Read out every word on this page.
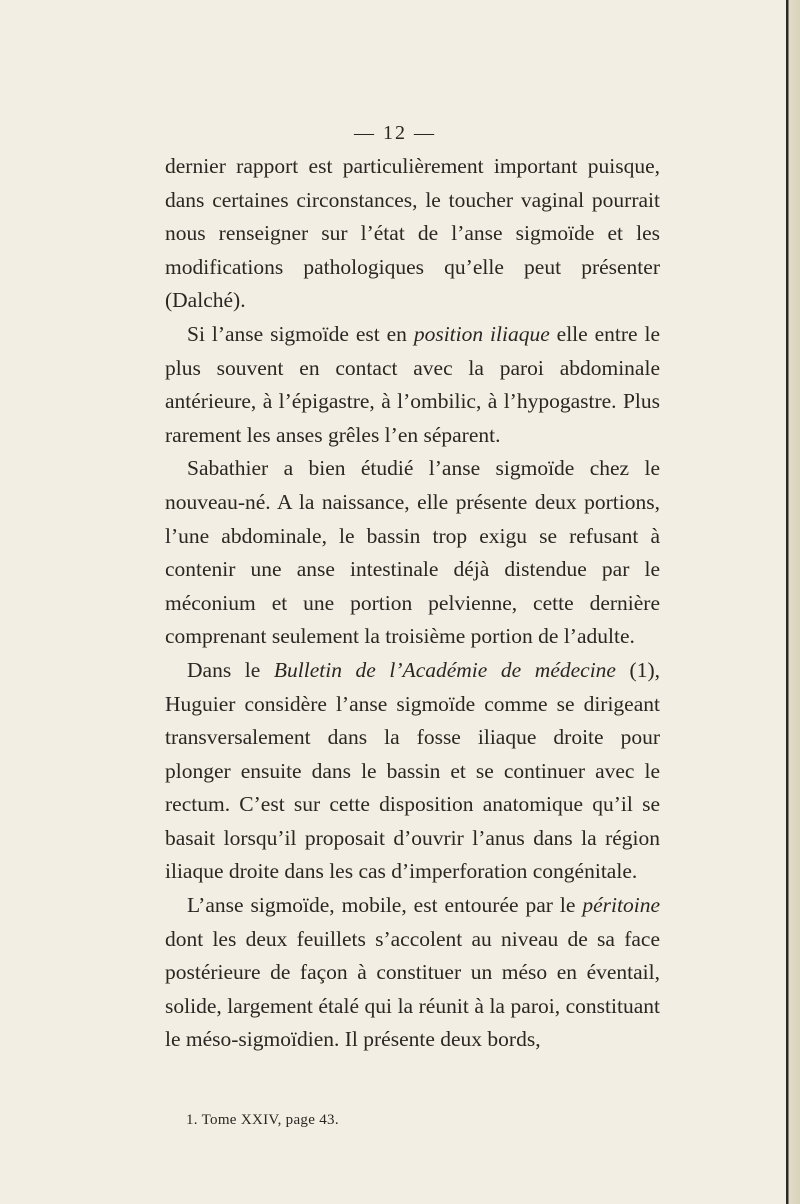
— 12 —

dernier rapport est particulièrement important puisque, dans certaines circonstances, le toucher vaginal pourrait nous renseigner sur l’état de l’anse sigmoïde et les modifications pathologiques qu’elle peut présenter (Dalché).

Si l’anse sigmoïde est en position iliaque elle entre le plus souvent en contact avec la paroi abdominale antérieure, à l’épigastre, à l’ombilic, à l’hypogastre. Plus rarement les anses grêles l’en séparent.

Sabathier a bien étudié l’anse sigmoïde chez le nouveau-né. A la naissance, elle présente deux portions, l’une abdominale, le bassin trop exigu se refusant à contenir une anse intestinale déjà distendue par le méconium et une portion pelvienne, cette dernière comprenant seulement la troisième portion de l’adulte.

Dans le Bulletin de l’Académie de médecine (1), Huguier considère l’anse sigmoïde comme se dirigeant transversalement dans la fosse iliaque droite pour plonger ensuite dans le bassin et se continuer avec le rectum. C’est sur cette disposition anatomique qu’il se basait lorsqu’il proposait d’ouvrir l’anus dans la région iliaque droite dans les cas d’imperforation congénitale.

L’anse sigmoïde, mobile, est entourée par le péritoine dont les deux feuillets s’accolent au niveau de sa face postérieure de façon à constituer un méso en éventail, solide, largement étalé qui la réunit à la paroi, constituant le méso-sigmoïdien. Il présente deux bords,

1. Tome XXIV, page 43.
